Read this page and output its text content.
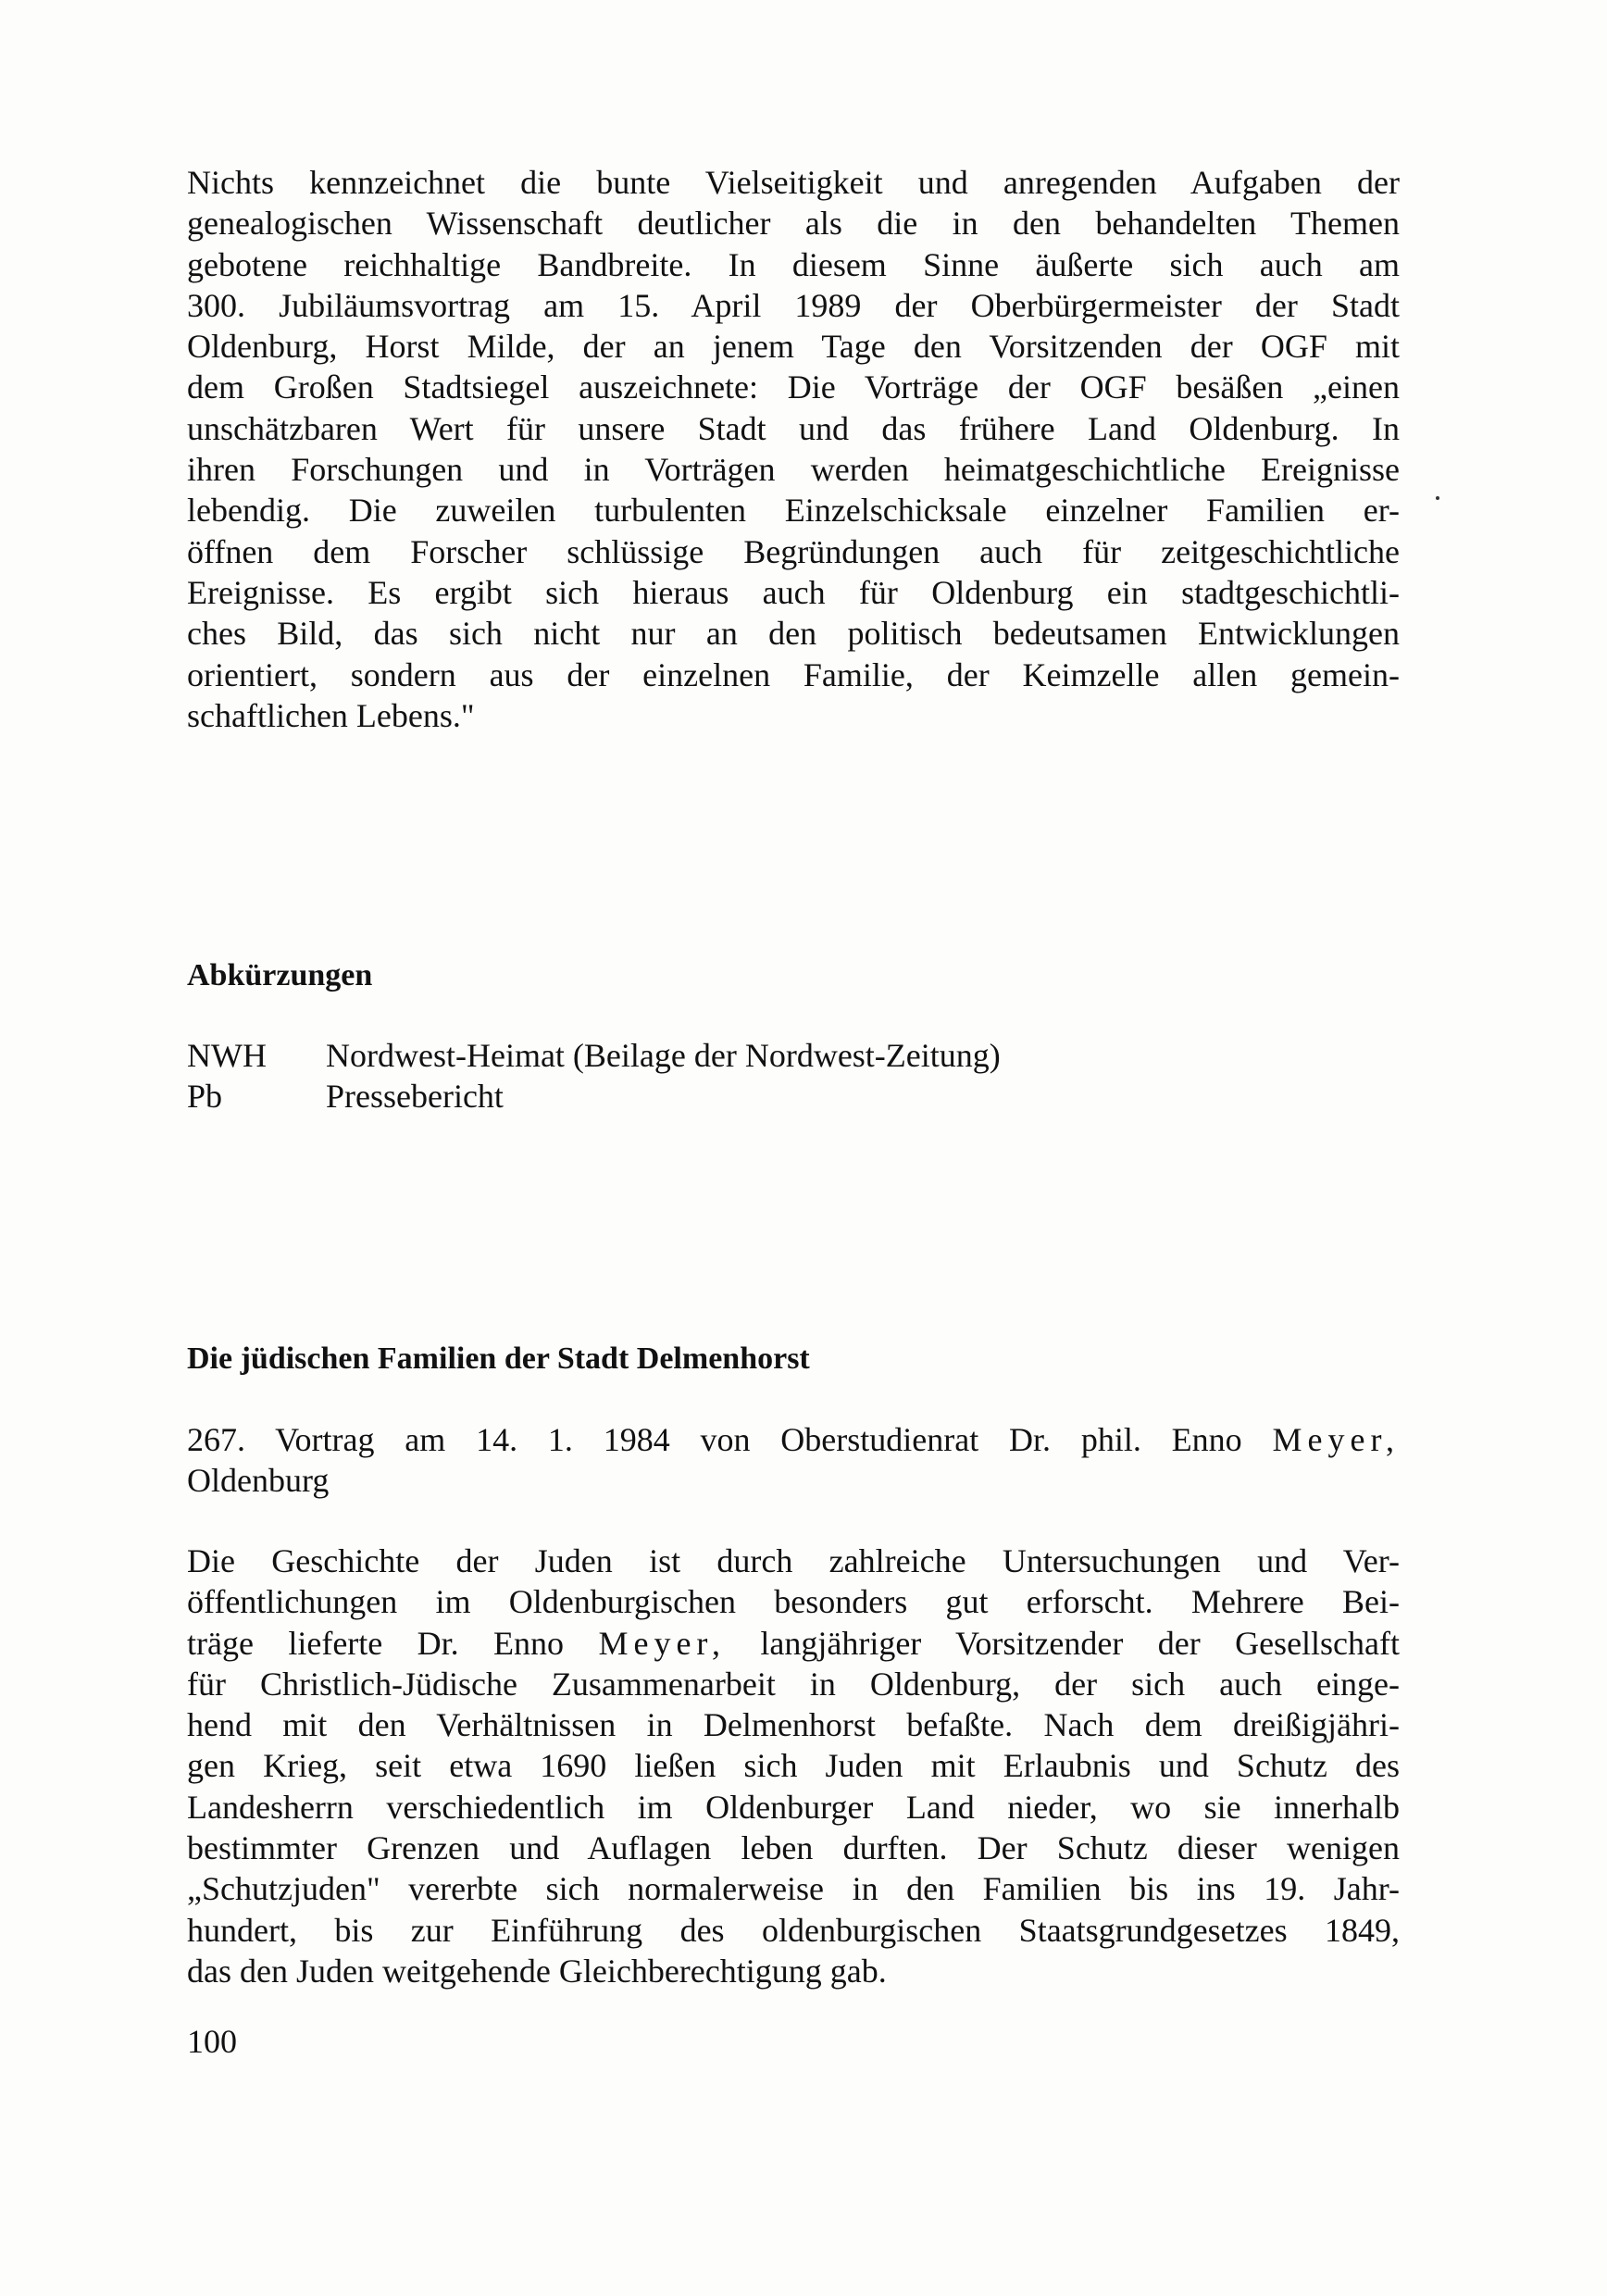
Nichts kennzeichnet die bunte Vielseitigkeit und anregenden Aufgaben der
genealogischen Wissenschaft deutlicher als die in den behandelten Themen
gebotene reichhaltige Bandbreite. In diesem Sinne äußerte sich auch am
300. Jubiläumsvortrag am 15. April 1989 der Oberbürgermeister der Stadt
Oldenburg, Horst Milde, der an jenem Tage den Vorsitzenden der OGF mit
dem Großen Stadtsiegel auszeichnete: Die Vorträge der OGF besäßen „einen
unschätzbaren Wert für unsere Stadt und das frühere Land Oldenburg. In
ihren Forschungen und in Vorträgen werden heimatgeschichtliche Ereignisse
lebendig. Die zuweilen turbulenten Einzelschicksale einzelner Familien er-
öffnen dem Forscher schlüssige Begründungen auch für zeitgeschichtliche
Ereignisse. Es ergibt sich hieraus auch für Oldenburg ein stadtgeschichtli-
ches Bild, das sich nicht nur an den politisch bedeutsamen Entwicklungen
orientiert, sondern aus der einzelnen Familie, der Keimzelle allen gemein-
schaftlichen Lebens."
Abkürzungen
NWH Nordwest-Heimat (Beilage der Nordwest-Zeitung)
Pb	Pressebericht
Die jüdischen Familien der Stadt Delmenhorst
267. Vortrag am 14. 1. 1984 von Oberstudienrat Dr. phil. Enno Meyer,
Oldenburg
Die Geschichte der Juden ist durch zahlreiche Untersuchungen und Ver-
öffentlichungen im Oldenburgischen besonders gut erforscht. Mehrere Bei-
träge lieferte Dr. Enno Meyer, langjähriger Vorsitzender der Gesellschaft
für Christlich-Jüdische Zusammenarbeit in Oldenburg, der sich auch einge-
hend mit den Verhältnissen in Delmenhorst befaßte. Nach dem dreißigjähri-
gen Krieg, seit etwa 1690 ließen sich Juden mit Erlaubnis und Schutz des
Landesherrn verschiedentlich im Oldenburger Land nieder, wo sie innerhalb
bestimmter Grenzen und Auflagen leben durften. Der Schutz dieser wenigen
„Schutzjuden" vererbte sich normalerweise in den Familien bis ins 19. Jahr-
hundert, bis zur Einführung des oldenburgischen Staatsgrundgesetzes 1849,
das den Juden weitgehende Gleichberechtigung gab.
100
